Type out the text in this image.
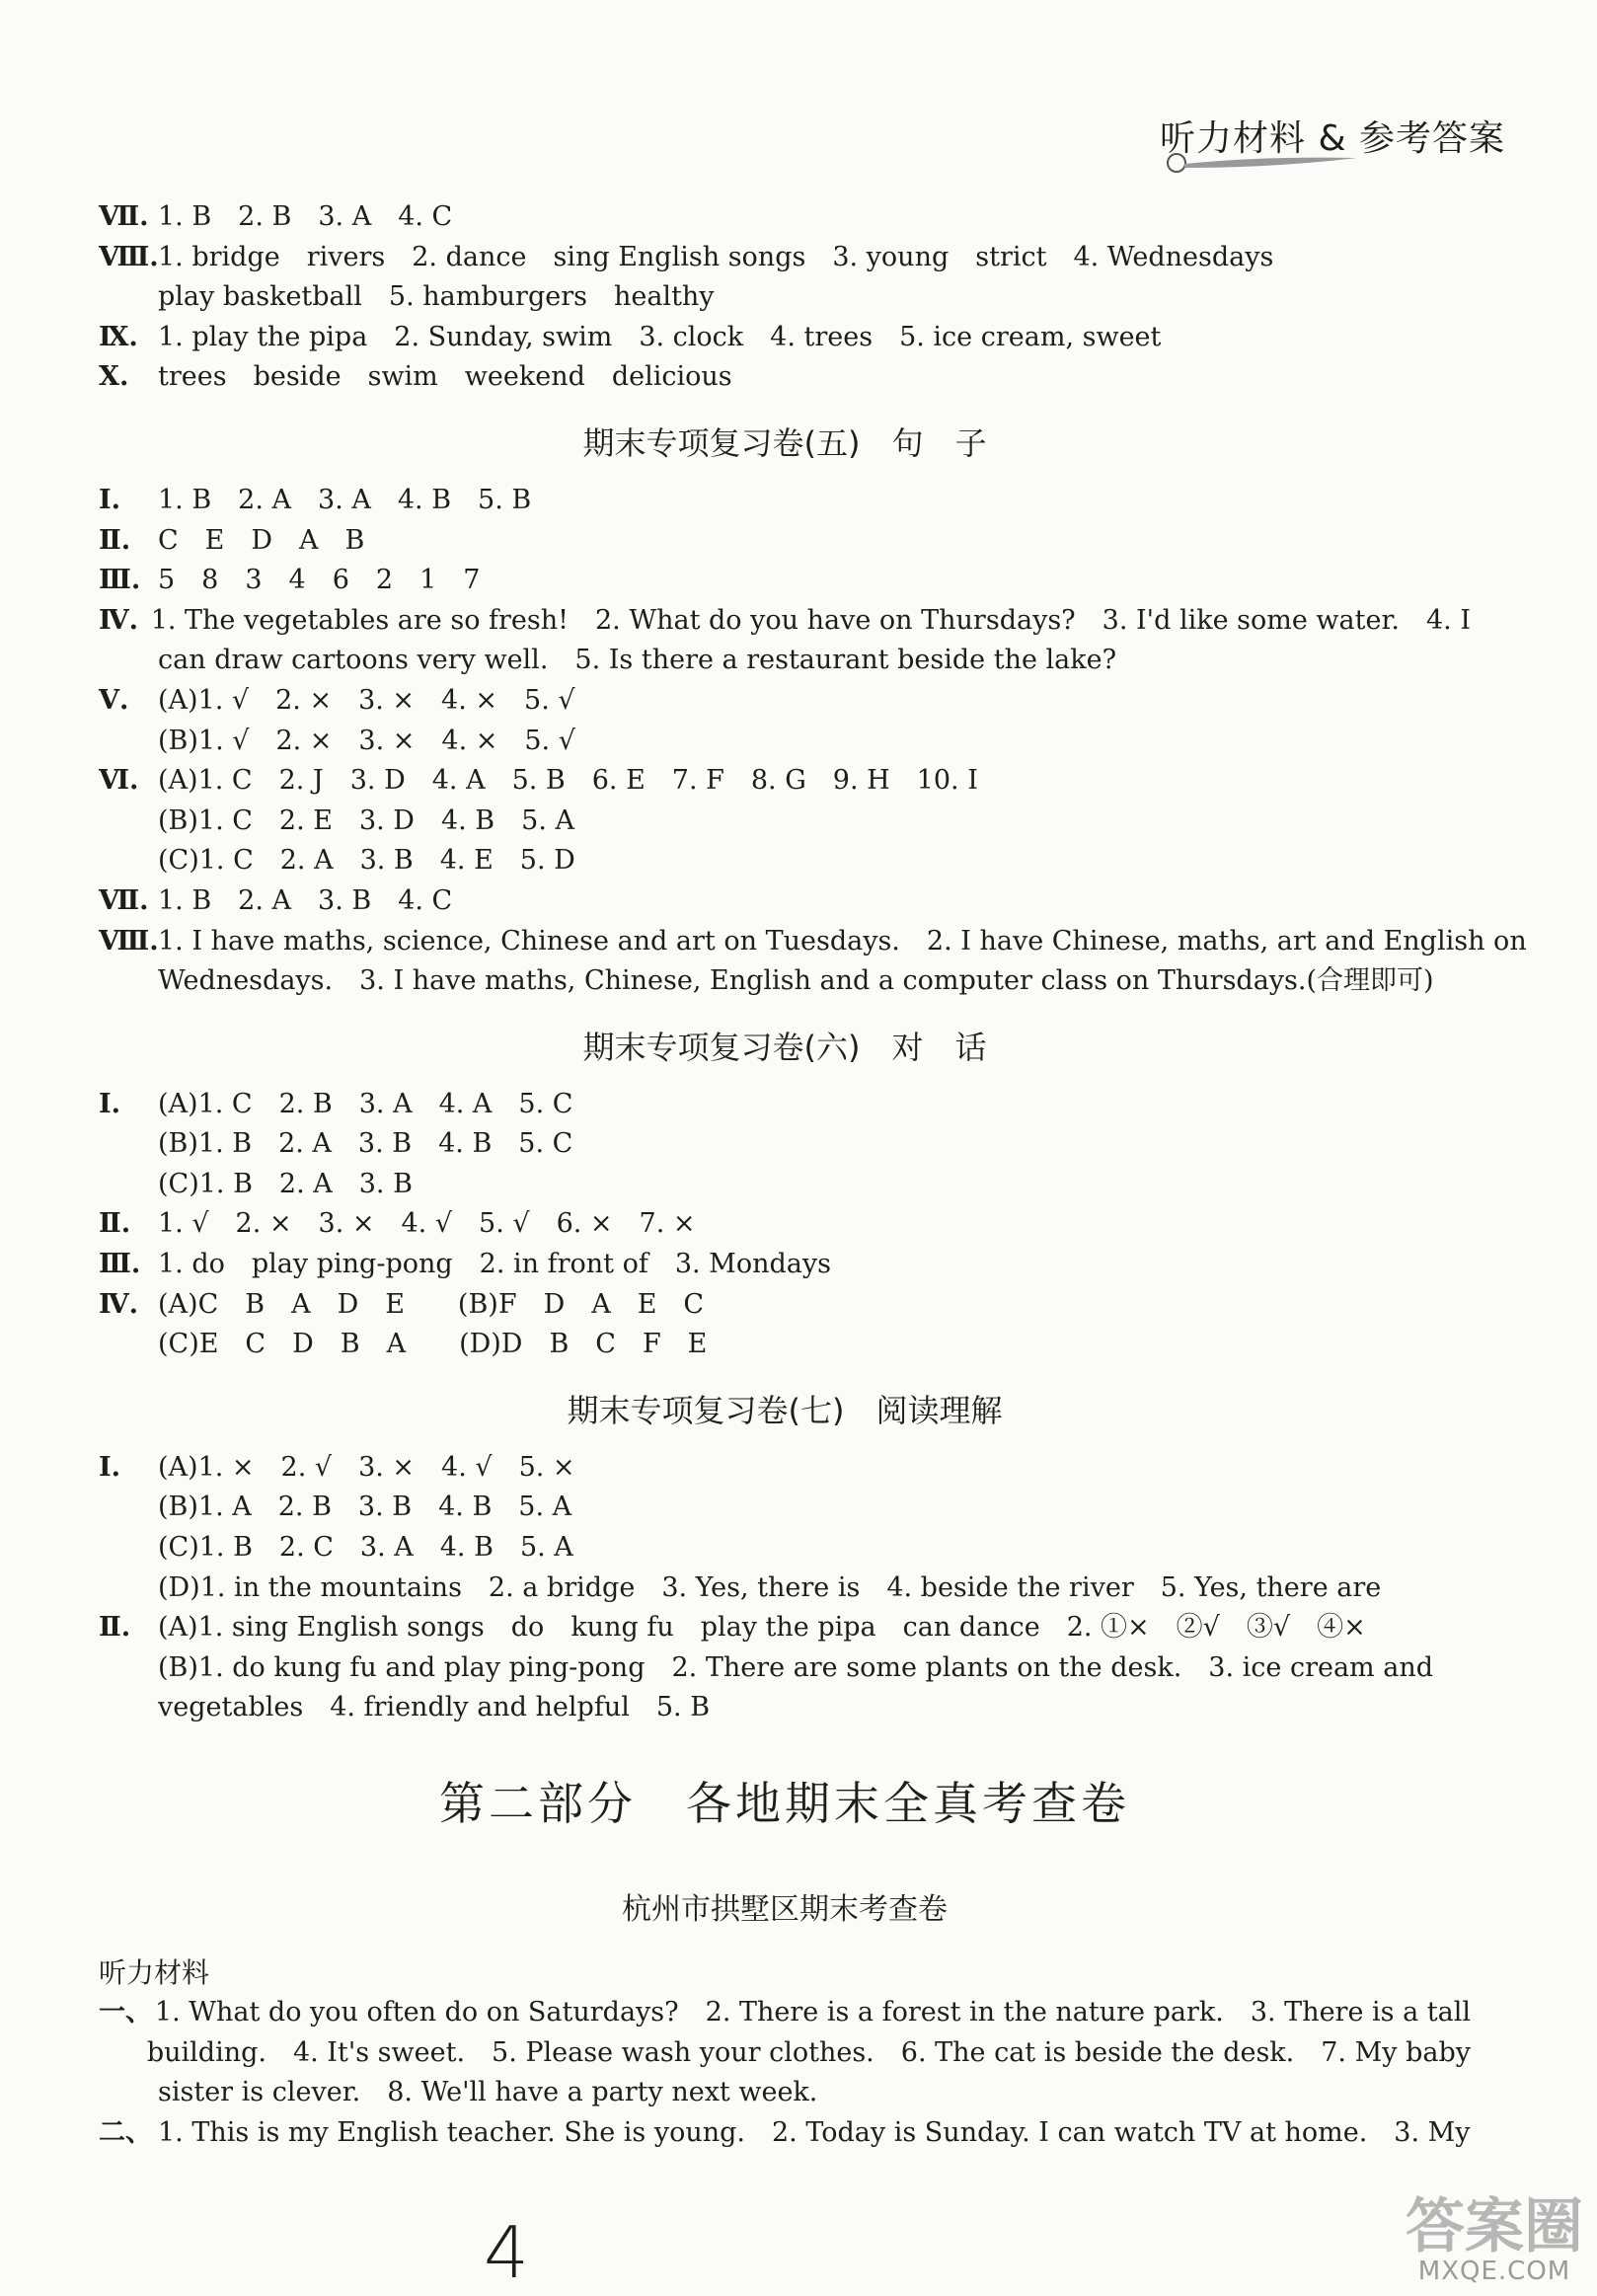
听力材料 & 参考答案
Ⅶ. 1. B　2. B　3. A　4. C
Ⅷ. 1. bridge　rivers　2. dance　sing English songs　3. young　strict　4. Wednesdays
play basketball　5. hamburgers　healthy
Ⅸ. 1. play the pipa　2. Sunday, swim　3. clock　4. trees　5. ice cream, sweet
Ⅹ.	trees　beside　swim　weekend　delicious
期末专项复习卷(五)　句　子
Ⅰ.	1. B　2. A　3. A　4. B　5. B
Ⅱ.	C　E　D　A　B
Ⅲ. 5　8　3　4　6　2　1　7
Ⅳ. 1. The vegetables are so fresh!　2. What do you have on Thursdays?　3. I'd like some water.　4. I
can draw cartoons very well.　5. Is there a restaurant beside the lake?
Ⅴ.	(A)1. √　2. ×　3. ×　4. ×　5. √
(B)1. √　2. ×　3. ×　4. ×　5. √
Ⅵ. (A)1. C　2. J　3. D　4. A　5. B　6. E　7. F　8. G　9. H　10. I
(B)1. C　2. E　3. D　4. B　5. A
(C)1. C　2. A　3. B　4. E　5. D
Ⅶ. 1. B　2. A　3. B　4. C
Ⅷ. 1. I have maths, science, Chinese and art on Tuesdays.　2. I have Chinese, maths, art and English on
Wednesdays.　3. I have maths, Chinese, English and a computer class on Thursdays.(合理即可)
期末专项复习卷(六)　对　话
Ⅰ.	(A)1. C　2. B　3. A　4. A　5. C
(B)1. B　2. A　3. B　4. B　5. C
(C)1. B　2. A　3. B
Ⅱ.	1. √　2. ×　3. ×　4. √　5. √　6. ×　7. ×
Ⅲ. 1. do　play ping-pong　2. in front of　3. Mondays
Ⅳ. (A)C　B　A　D　E　　(B)F　D　A　E　C
(C)E　C　D　B　A　　(D)D　B　C　F　E
期末专项复习卷(七)　阅读理解
Ⅰ.	(A)1. ×　2. √　3. ×　4. √　5. ×
(B)1. A　2. B　3. B　4. B　5. A
(C)1. B　2. C　3. A　4. B　5. A
(D)1. in the mountains　2. a bridge　3. Yes, there is　4. beside the river　5. Yes, there are
Ⅱ.	(A)1. sing English songs　do　kung fu　play the pipa　can dance　2. ①×　②√　③√　④×
(B)1. do kung fu and play ping-pong　2. There are some plants on the desk.　3. ice cream and
vegetables　4. friendly and helpful　5. B
第二部分　各地期末全真考查卷
杭州市拱墅区期末考查卷
听力材料
一、 1. What do you often do on Saturdays?　2. There is a forest in the nature park.　3. There is a tall
building.　4. It's sweet.　5. Please wash your clothes.　6. The cat is beside the desk.　7. My baby
sister is clever.　8. We'll have a party next week.
二、 1. This is my English teacher. She is young.　2. Today is Sunday. I can watch TV at home.　3. My
4	答案圈
MXQE.COM
